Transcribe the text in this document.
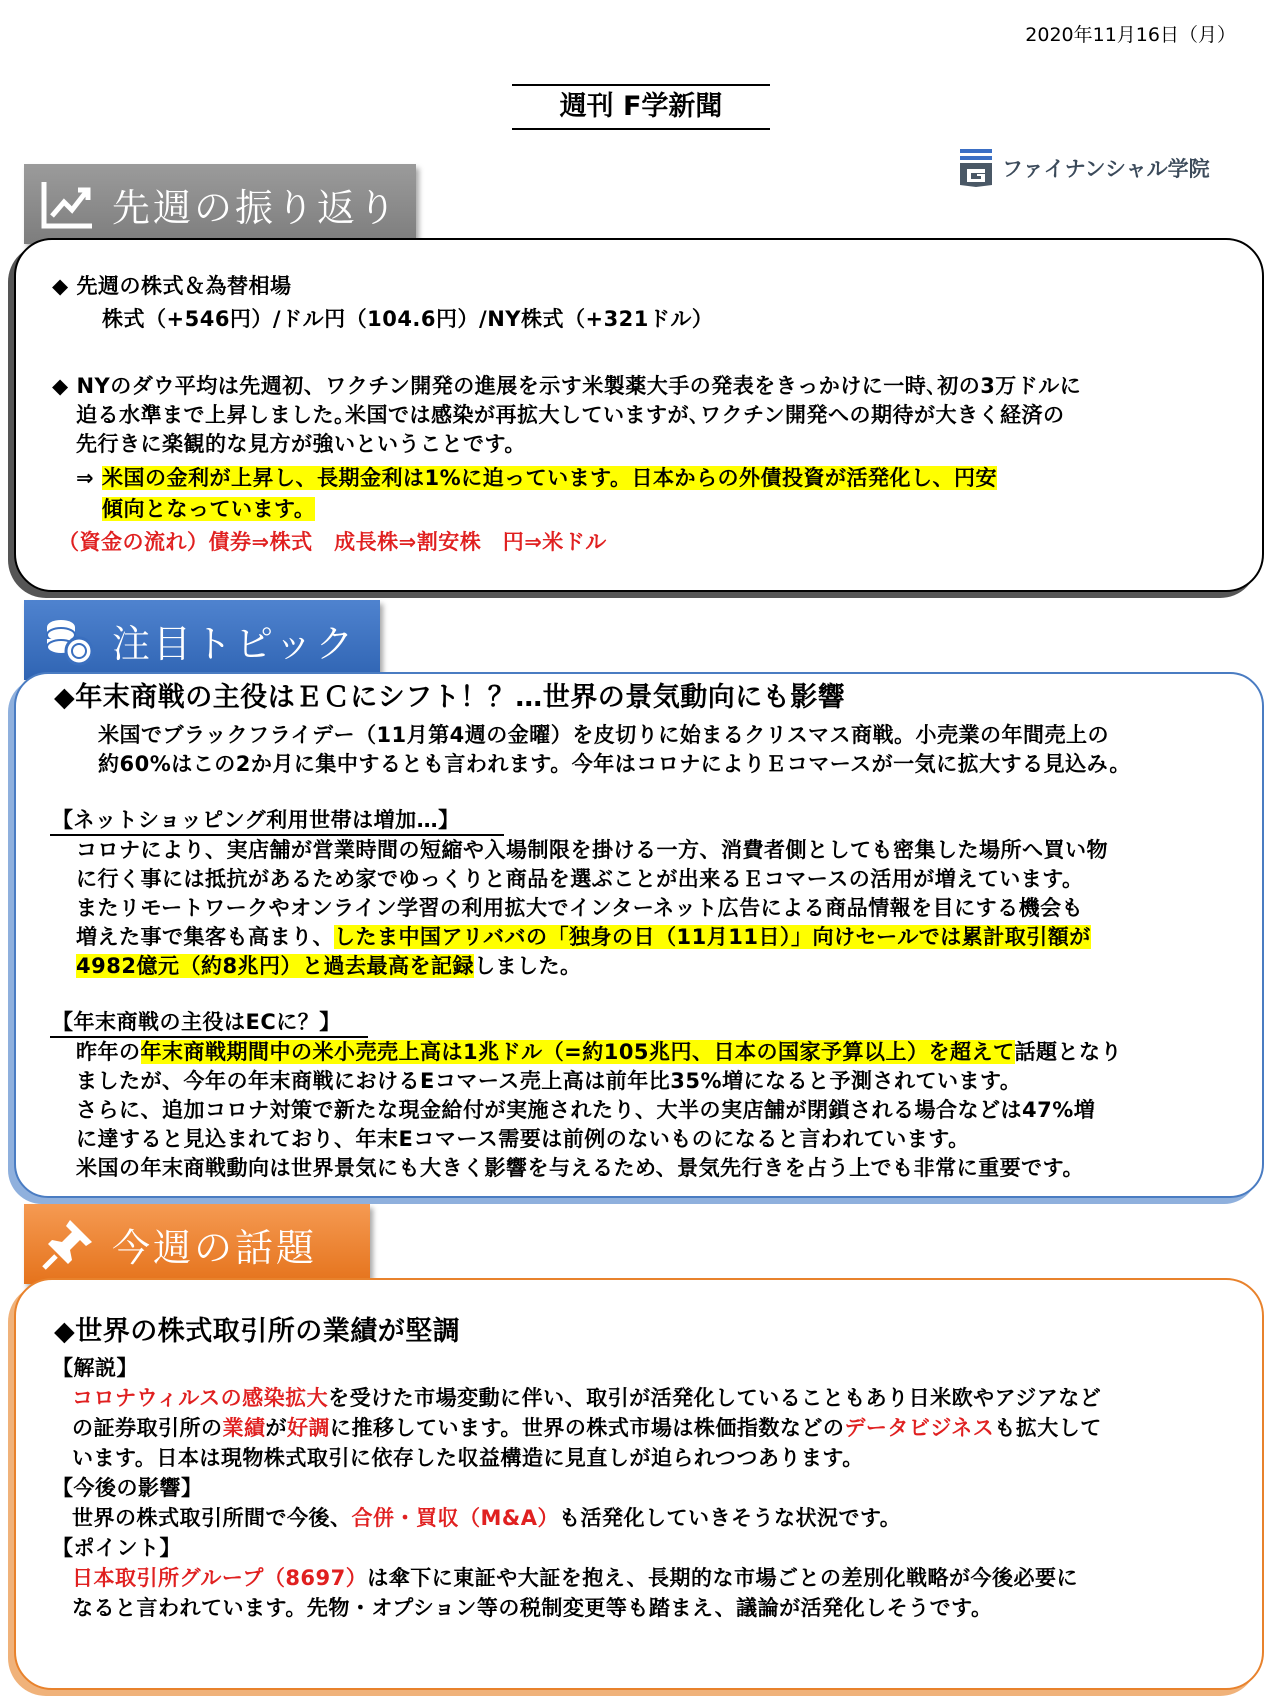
2020年11月16日（月）
週刊 F学新聞
ファイナンシャル学院
先週の振り返り
注目トピック
今週の話題
◆ 先週の株式＆為替相場
株式（+546円）/ドル円（104.6円）/NY株式（+321ドル）
◆ NYのダウ平均は先週初、ワクチン開発の進展を示す米製薬大手の発表をきっかけに一時､初の3万ドルに
迫る水準まで上昇しました｡米国では感染が再拡大していますが､ワクチン開発への期待が大きく経済の
先行きに楽観的な見方が強いということです。
⇒ 米国の金利が上昇し、長期金利は1%に迫っています。日本からの外債投資が活発化し、円安
傾向となっています。
（資金の流れ）債券⇒株式　成長株⇒割安株　円⇒米ドル
◆年末商戦の主役はＥＣにシフト！？…世界の景気動向にも影響
米国でブラックフライデー（11月第4週の金曜）を皮切りに始まるクリスマス商戦。小売業の年間売上の
約60%はこの2か月に集中するとも言われます。今年はコロナによりＥコマースが一気に拡大する見込み。
【ネットショッピング利用世帯は増加…】
コロナにより、実店舗が営業時間の短縮や入場制限を掛ける一方、消費者側としても密集した場所へ買い物
に行く事には抵抗があるため家でゆっくりと商品を選ぶことが出来るＥコマースの活用が増えています。
またリモートワークやオンライン学習の利用拡大でインターネット広告による商品情報を目にする機会も
増えた事で集客も高まり、したま中国アリババの「独身の日（11月11日）」向けセールでは累計取引額が
4982億元（約8兆円）と過去最高を記録しました。
【年末商戦の主役はECに？】
昨年の年末商戦期間中の米小売売上高は1兆ドル（=約105兆円、日本の国家予算以上）を超えて話題となり
ましたが、今年の年末商戦におけるEコマース売上高は前年比35%増になると予測されています。
さらに、追加コロナ対策で新たな現金給付が実施されたり、大半の実店舗が閉鎖される場合などは47%増
に達すると見込まれており、年末Eコマース需要は前例のないものになると言われています。
米国の年末商戦動向は世界景気にも大きく影響を与えるため、景気先行きを占う上でも非常に重要です。
◆世界の株式取引所の業績が堅調
【解説】
コロナウィルスの感染拡大を受けた市場変動に伴い、取引が活発化していることもあり日米欧やアジアなど
の証券取引所の業績が好調に推移しています。世界の株式市場は株価指数などのデータビジネスも拡大して
います。日本は現物株式取引に依存した収益構造に見直しが迫られつつあります。
【今後の影響】
世界の株式取引所間で今後、合併・買収（M&A）も活発化していきそうな状況です。
【ポイント】
日本取引所グループ（8697）は傘下に東証や大証を抱え、長期的な市場ごとの差別化戦略が今後必要に
なると言われています。先物・オプション等の税制変更等も踏まえ、議論が活発化しそうです。
